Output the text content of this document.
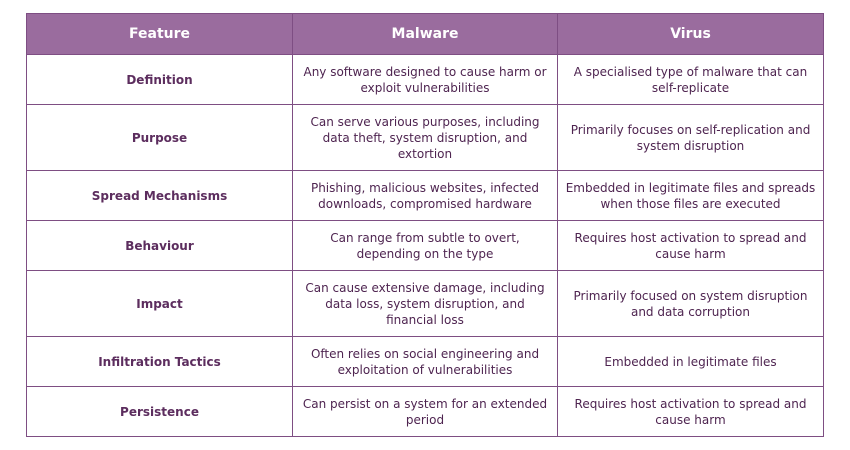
Feature	Malware	Virus
Definition	Any software designed to cause harm or exploit vulnerabilities	A specialised type of malware that can self-replicate
Purpose	Can serve various purposes, including data theft, system disruption, and extortion	Primarily focuses on self-replication and system disruption
Spread Mechanisms	Phishing, malicious websites, infected downloads, compromised hardware	Embedded in legitimate files and spreads when those files are executed
Behaviour	Can range from subtle to overt, depending on the type	Requires host activation to spread and cause harm
Impact	Can cause extensive damage, including data loss, system disruption, and financial loss	Primarily focused on system disruption and data corruption
Infiltration Tactics	Often relies on social engineering and exploitation of vulnerabilities	Embedded in legitimate files
Persistence	Can persist on a system for an extended period	Requires host activation to spread and cause harm
